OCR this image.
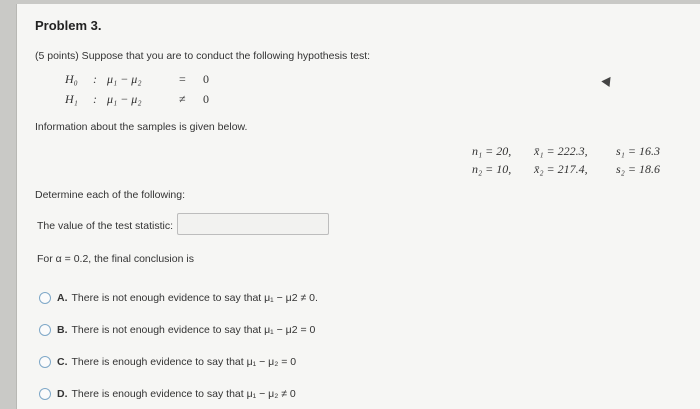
Problem 3.
(5 points) Suppose that you are to conduct the following hypothesis test:
H₀ : μ₁ − μ₂	= 0
H₁ : μ₁ − μ₂	≠ 0
Information about the samples is given below.
n₁ = 20, x̄₁ = 222.3, s₁ = 16.3
n₂ = 10, x̄₂ = 217.4, s₂ = 18.6
Determine each of the following:
The value of the test statistic:
For α = 0.2, the final conclusion is
A. There is not enough evidence to say that μ₁ − μ2 ≠ 0.
B. There is not enough evidence to say that μ₁ − μ2 = 0
C. There is enough evidence to say that μ₁ − μ₂ = 0
D. There is enough evidence to say that μ₁ − μ₂ ≠ 0
